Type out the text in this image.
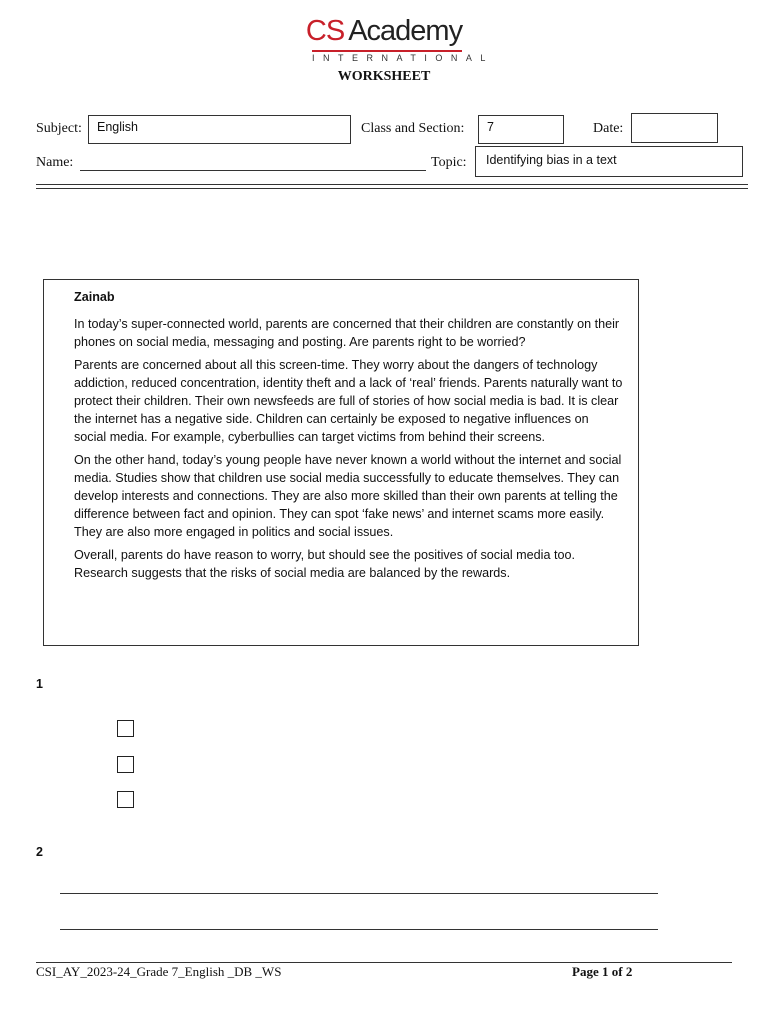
CS Academy
INTERNATIONAL
WORKSHEET
Subject:	English	Class and Section:	7	Date:
Name:	Topic:	Identifying bias in a text

Zainab

In today’s super-connected world, parents are concerned that their children are constantly on their phones on social media, messaging and posting. Are parents right to be worried?

Parents are concerned about all this screen-time. They worry about the dangers of technology addiction, reduced concentration, identity theft and a lack of ‘real’ friends. Parents naturally want to protect their children. Their own newsfeeds are full of stories of how social media is bad. It is clear the internet has a negative side. Children can certainly be exposed to negative influences on social media. For example, cyberbullies can target victims from behind their screens.

On the other hand, today’s young people have never known a world without the internet and social media. Studies show that children use social media successfully to educate themselves. They can develop interests and connections. They are also more skilled than their own parents at telling the difference between fact and opinion. They can spot ‘fake news’ and internet scams more easily. They are also more engaged in politics and social issues.

Overall, parents do have reason to worry, but should see the positives of social media too. Research suggests that the risks of social media are balanced by the rewards.

1
2
CSI_AY_2023-24_Grade 7_English _DB _WS	Page 1 of 2
